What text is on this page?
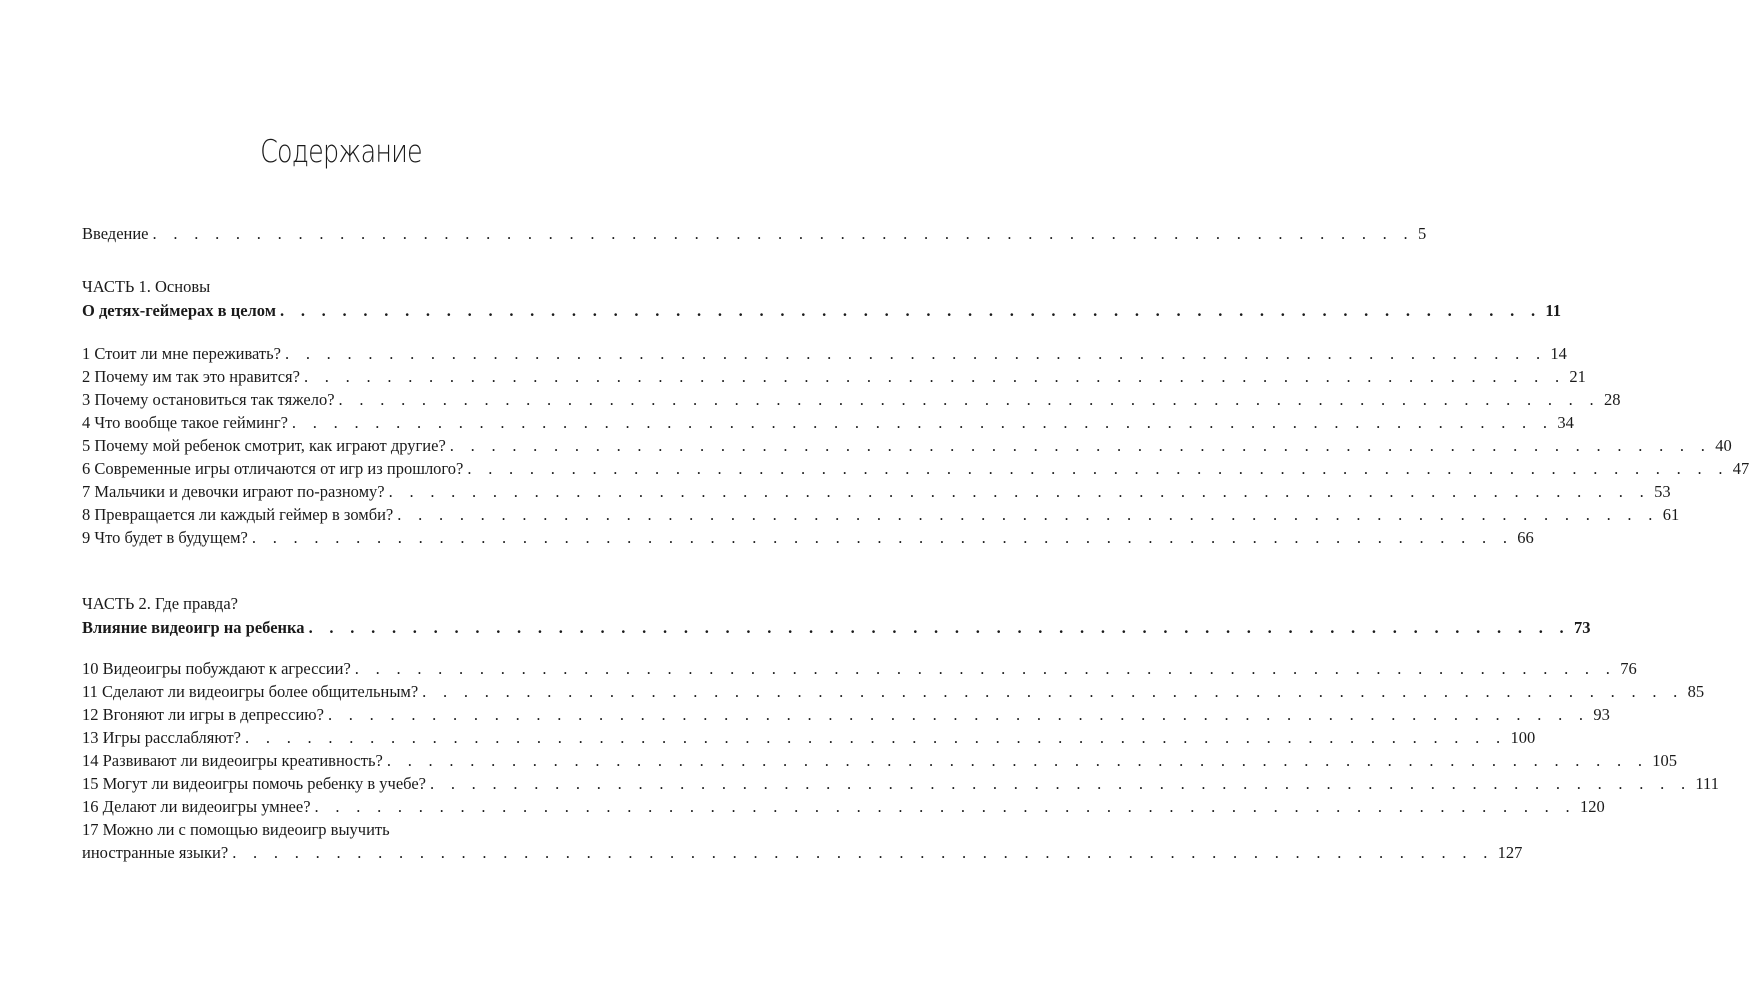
Содержание
Введение . . . . . . . . . . . . . . . . . . . . . . . . . . . . . . . . . . . . . . . . . . . . . . . . . . . . . . . . . . . . . 5
ЧАСТЬ 1. Основы
О детях-геймерах в целом . . . . . . . . . . . . . . . . . . . . . . . . . . . . . . . . . . . . . . . . . . . . . . . . . . . . . . . . . . . . . 11
1 Стоит ли мне переживать? . . . . . . . . . . . . . . . . . . . . . . . . . . . . . . . . . . . . . . . . . . . . . . . . . . . . . . . . . . . . . 14
2 Почему им так это нравится? . . . . . . . . . . . . . . . . . . . . . . . . . . . . . . . . . . . . . . . . . . . . . . . . . . . . . . . . . . . . . 21
3 Почему остановиться так тяжело? . . . . . . . . . . . . . . . . . . . . . . . . . . . . . . . . . . . . . . . . . . . . . . . . . . . . . . . . . . . . . 28
4 Что вообще такое гейминг? . . . . . . . . . . . . . . . . . . . . . . . . . . . . . . . . . . . . . . . . . . . . . . . . . . . . . . . . . . . . . 34
5 Почему мой ребенок смотрит, как играют другие? . . . . . . . . . . . . . . . . . . . . . . . . . . . . . . . . . . . . . . . . . . . . . . . . . . . . . . . . . . . . . 40
6 Современные игры отличаются от игр из прошлого? . . . . . . . . . . . . . . . . . . . . . . . . . . . . . . . . . . . . . . . . . . . . . . . . . . . . . . . . . . . . . 47
7 Мальчики и девочки играют по-разному? . . . . . . . . . . . . . . . . . . . . . . . . . . . . . . . . . . . . . . . . . . . . . . . . . . . . . . . . . . . . . 53
8 Превращается ли каждый геймер в зомби? . . . . . . . . . . . . . . . . . . . . . . . . . . . . . . . . . . . . . . . . . . . . . . . . . . . . . . . . . . . . . 61
9 Что будет в будущем? . . . . . . . . . . . . . . . . . . . . . . . . . . . . . . . . . . . . . . . . . . . . . . . . . . . . . . . . . . . . . 66
ЧАСТЬ 2. Где правда?
Влияние видеоигр на ребенка . . . . . . . . . . . . . . . . . . . . . . . . . . . . . . . . . . . . . . . . . . . . . . . . . . . . . . . . . . . . . 73
10 Видеоигры побуждают к агрессии? . . . . . . . . . . . . . . . . . . . . . . . . . . . . . . . . . . . . . . . . . . . . . . . . . . . . . . . . . . . . . 76
11 Сделают ли видеоигры более общительным? . . . . . . . . . . . . . . . . . . . . . . . . . . . . . . . . . . . . . . . . . . . . . . . . . . . . . . . . . . . . . 85
12 Вгоняют ли игры в депрессию? . . . . . . . . . . . . . . . . . . . . . . . . . . . . . . . . . . . . . . . . . . . . . . . . . . . . . . . . . . . . . 93
13 Игры расслабляют? . . . . . . . . . . . . . . . . . . . . . . . . . . . . . . . . . . . . . . . . . . . . . . . . . . . . . . . . . . . . . 100
14 Развивают ли видеоигры креативность? . . . . . . . . . . . . . . . . . . . . . . . . . . . . . . . . . . . . . . . . . . . . . . . . . . . . . . . . . . . . . 105
15 Могут ли видеоигры помочь ребенку в учебе? . . . . . . . . . . . . . . . . . . . . . . . . . . . . . . . . . . . . . . . . . . . . . . . . . . . . . . . . . . . . . 111
16 Делают ли видеоигры умнее? . . . . . . . . . . . . . . . . . . . . . . . . . . . . . . . . . . . . . . . . . . . . . . . . . . . . . . . . . . . . . 120
17 Можно ли с помощью видеоигр выучить
иностранные языки? . . . . . . . . . . . . . . . . . . . . . . . . . . . . . . . . . . . . . . . . . . . . . . . . . . . . . . . . . . . . . 127
